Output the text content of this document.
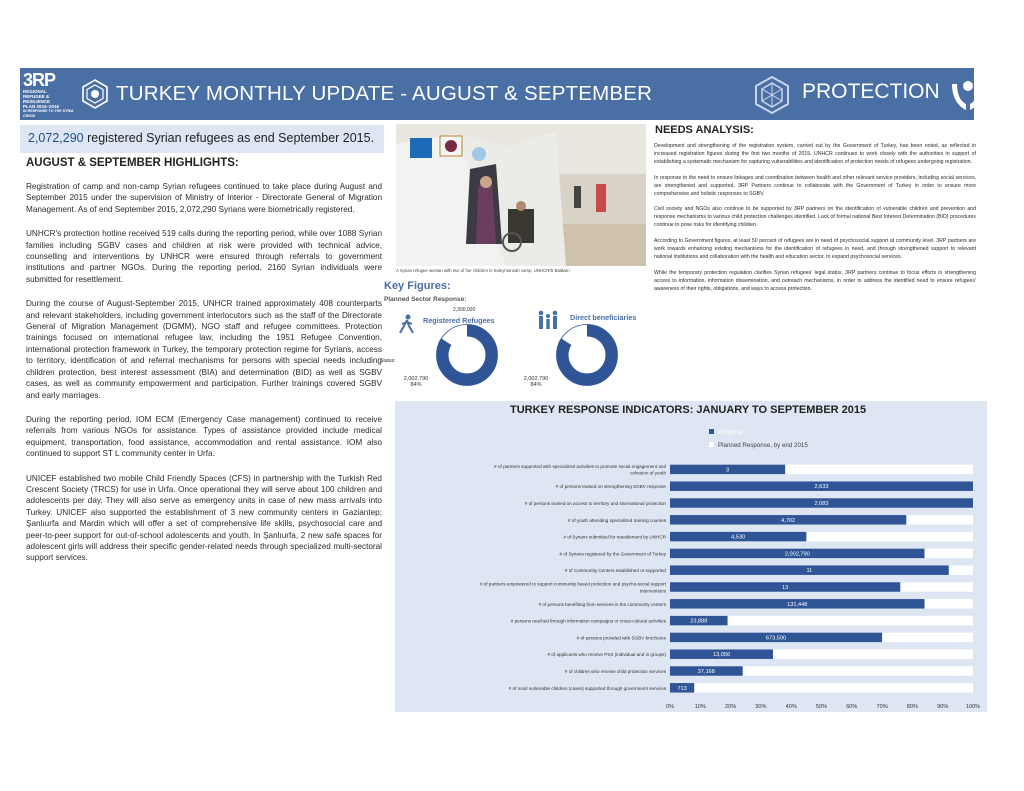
3RP
REGIONAL
REFUGEE &
RESILIENCE
PLAN 2015–2016
IN RESPONSE TO THE SYRIA CRISIS
TURKEY MONTHLY UPDATE - AUGUST & SEPTEMBER	PROTECTION
2,072,290 registered Syrian refugees as end September 2015.
AUGUST & SEPTEMBER HIGHLIGHTS:

Registration of camp and non-camp Syrian refugees continued to take place during August and September 2015 under the supervision of Ministry of Interior - Directorate General of Migration Management. As of end September 2015, 2,072,290 Syrians were biometrically registered.

UNHCR's protection hotline received 519 calls during the reporting period, while over 1088 Syrian families including SGBV cases and children at risk were provided with technical advice, counselling and interventions by UNHCR were ensured through referrals to government institutions and partner NGOs. During the reporting period, 2160 Syrian individuals were submitted for resettlement.

During the course of August-September 2015, UNHCR trained approximately 408 counterparts and relevant stakeholders, including government interlocutors such as the staff of the Directorate General of Migration Management (DGMM), NGO staff and refugee committees. Protection trainings focused on international refugee law, including the 1951 Refugee Convention, international protection framework in Turkey, the temporary protection regime for Syrians, access to territory, identification of and referral mechanisms for persons with special needs including children protection, best interest assessment (BIA) and determination (BID) as well as SGBV cases, as well as community empowerment and participation. Further trainings covered SGBV and early marriages.

During the reporting period, IOM ECM (Emergency Case management) continued to receive referrals from various NGOs for assistance. Types of assistance provided include medical equipment, transportation, food assistance, accommodation and rental assistance. IOM also continued to support ST L community center in Urfa.

UNICEF established two mobile Child Friendly Spaces (CFS) in partnership with the Turkish Red Crescent Society (TRCS) for use in Urfa. Once operational they will serve about 100 children and adolescents per day. They will also serve as emergency units in case of new mass arrivals into Turkey. UNICEF also supported the establishment of 3 new community centers in Gaziantep; Şanlıurfa and Mardin which will offer a set of comprehensive life skills, psychosocial care and peer-to-peer support for out-of-school adolescents and youth. In Şanlıurfa, 2 new safe spaces for adolescent girls will address their specific gender-related needs through specialized multi-sectoral support services.

A Syrian refugee woman with two of her children in Suleymansah camp. UNHCR/S.Baldwin
Key Figures:
Planned Sector Response:
2,300,000
Registered Refugees	Direct beneficiaries
Status:
2,002,790
84%
2,002,790
84%
NEEDS ANALYSIS:

Development and strengthening of the registration system, carried out by the Government of Turkey, has been noted, as reflected in increased registration figures during the first two months of 2015. UNHCR continues to work closely with the authorities in support of establishing a systematic mechanism for capturing vulnerabilities and identification of protection needs of refugees undergoing registration.

In response to the need to ensure linkages and coordination between health and other relevant service providers, including social services, are strengthened and supported, 3RP Partners continue to collaborate with the Government of Turkey in order to ensure more comprehensive and holistic responses to SGBV.

Civil society and NGOs also continue to be supported by 3RP partners on the identification of vulnerable children and prevention and response mechanisms to various child protection challenges identified. Lack of formal national Best Interest Determination (BID) procedures continue to pose risks for identifying children.

According to Government figures, at least 50 percent of refugees are in need of psychosocial support at community level. 3RP partners are work towards enhancing existing mechanisms for the identification of refugees in need, and through strengthened support to relevant national institutions and collaboration with the health and education sector, to expand psychosocial services.

While the temporary protection regulation clarifies Syrian refugees' legal status, 3RP partners continue to focus efforts in strengthening access to information, information dissemination, and outreach mechanisms, in order to address the identified need to ensure refugees' awareness of their rights, obligations, and ways to access protection.

Progress
Planned Response, by end 2015
3
# of partners supported with specialized activities to promote social engagement and cohesion of youth
2,633
# of persons trained on strengthening SGBV response
2,083
# of persons trained on access to territory and international protection
4,702
# of youth attending specialized training courses
4,530
# of Syrians submitted for resettlement by UNHCR
2,002,790
# of Syrians registered by the Government of Turkey
11
# of Community Centers established or supported
13
# of partners empowered to support community based protection and psycho-social support interventions
131,448
# of persons benefiting from services in the community centers
23,888
# persons reached through information campaigns or cross-cultural activities
673,500
# of persons provided with SGBV brochures
13,056
# of applicants who receive PSS (individual and in groups)
37,168
# of children who receive child protection services
713
# of most vulnerable children (cases) supported through government services
0%	10%	20%	30%	40%	50%	60%	70%	80%	90%	100%
TURKEY RESPONSE INDICATORS: JANUARY TO SEPTEMBER 2015
